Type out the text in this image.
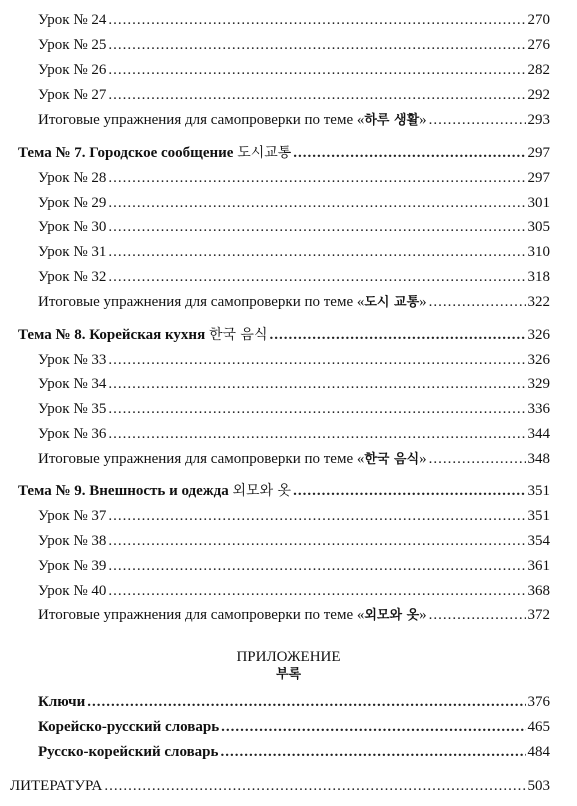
Урок № 24 .....	270
Урок № 25 .....	276
Урок № 26 .....	282
Урок № 27 .....	292
Итоговые упражнения для самопроверки по теме «하루 생활» .....	293
Тема № 7. Городское сообщение 도시교통 .....	297
Урок № 28 .....	297
Урок № 29 .....	301
Урок № 30 .....	305
Урок № 31 .....	310
Урок № 32 .....	318
Итоговые упражнения для самопроверки по теме «도시 교통» .....	322
Тема № 8. Корейская кухня 한국 음식 .....	326
Урок № 33 .....	326
Урок № 34 .....	329
Урок № 35 .....	336
Урок № 36 .....	344
Итоговые упражнения для самопроверки по теме «한국 음식» .....	348
Тема № 9. Внешность и одежда 외모와 옷 .....	351
Урок № 37 .....	351
Урок № 38 .....	354
Урок № 39 .....	361
Урок № 40 .....	368
Итоговые упражнения для самопроверки по теме «외모와 옷» .....	372
ПРИЛОЖЕНИЕ
부록
Ключи .....	376
Корейско-русский словарь .....	465
Русско-корейский словарь .....	484
ЛИТЕРАТУРА .....	503
